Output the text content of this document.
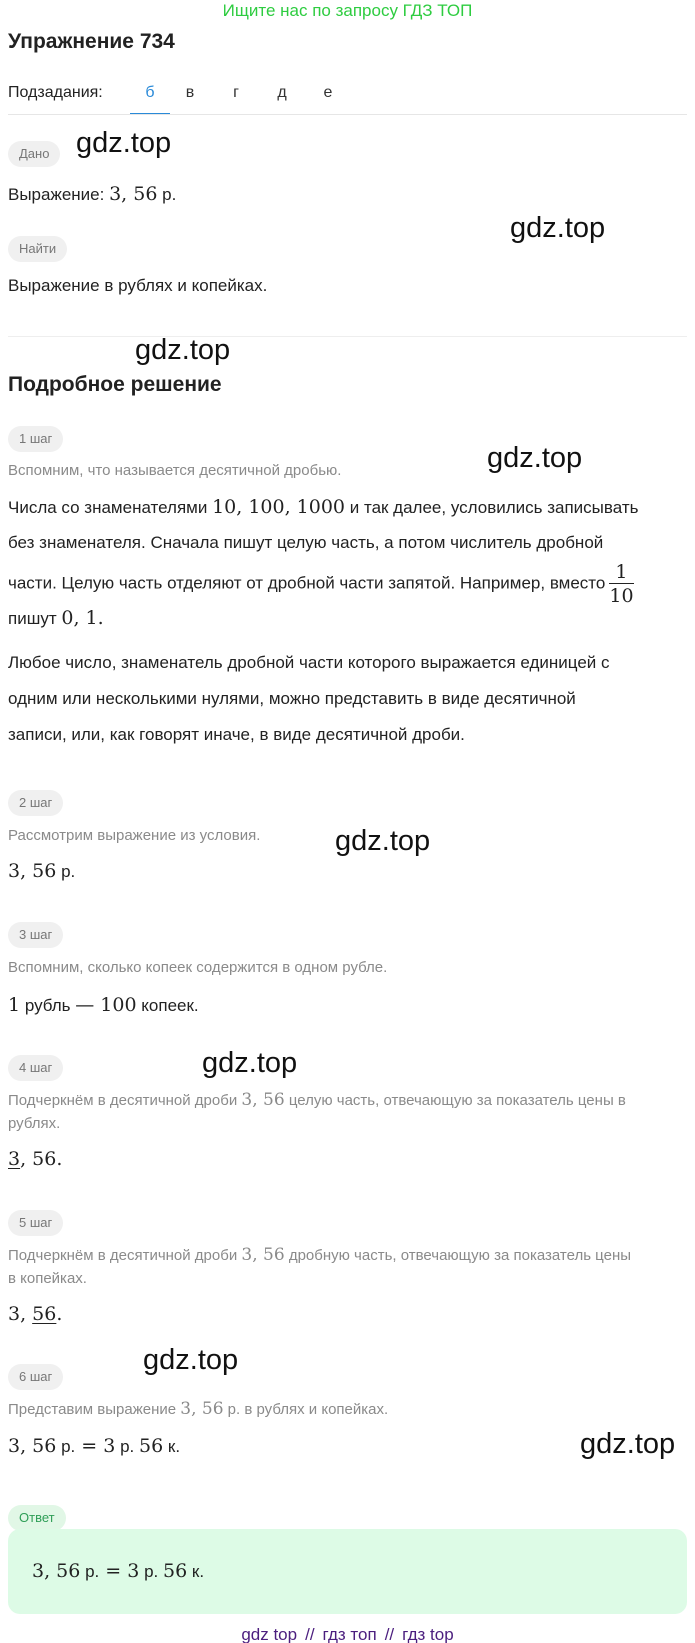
Ищите нас по запросу ГДЗ ТОП
Упражнение 734
Подзадания:	б	в	г	д	е
Дано gdz.top
Выражение: 3, 56 р.
gdz.top
Найти
Выражение в рублях и копейках.
gdz.top
Подробное решение
1 шаг
Вспомним, что называется десятичной дробью.	gdz.top
Числа со знаменателями 10, 100, 1000 и так далее, условились записывать
без знаменателя. Сначала пишут целую часть, а потом числитель дробной
части. Целую часть отделяют от дробной части запятой. Например, вместо $\frac{1}{10}$
пишут 0, 1.
Любое число, знаменатель дробной части которого выражается единицей с
одним или несколькими нулями, можно представить в виде десятичной
записи, или, как говорят иначе, в виде десятичной дроби.
2 шаг
Рассмотрим выражение из условия.	gdz.top
3, 56 р.
3 шаг
Вспомним, сколько копеек содержится в одном рубле.
1 рубль — 100 копеек.
gdz.top
4 шаг
Подчеркнём в десятичной дроби 3, 56 целую часть, отвечающую за показатель цены в
рублях.
3, 56.
5 шаг
Подчеркнём в десятичной дроби 3, 56 дробную часть, отвечающую за показатель цены
в копейках.
3, 56.
gdz.top
6 шаг
Представим выражение 3, 56 р. в рублях и копейках.
gdz.top
3, 56 р. = 3 р. 56 к.
Ответ
3, 56 р. = 3 р. 56 к.
gdz top // гдз топ // гдз top
